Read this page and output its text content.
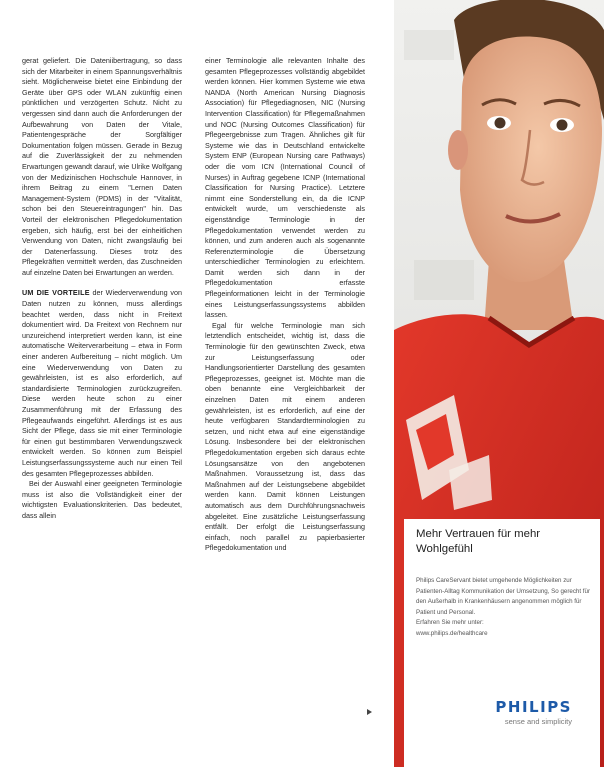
gerat geliefert. Die Dateniibertragung, so dass sich der Mitarbeiter in einem Spannungsverhältnis sieht. Möglicherweise bietet eine Einbindung der Geräte über GPS oder WLAN zukünftig einen pünktlichen und verzögerten Schutz. Nicht zu vergessen sind dann auch die Anforderungen der Aufbewahrung von Daten der Vitale, Patientengespräche der Sorgfältiger Dokumentation folgen müssen. Gerade in Bezug auf die Zuverlässigkeit der zu nehmenden Erwartungen gewandt darauf, wie Ulrike Wolfgang von der Medizinischen Hochschule Hannover, in ihrem Beitrag zu einem "Lernen Daten Management-System (PDMS) in der "Vitalität, schon bei den Steuereintragungen" hin. Das Vorteil der elektronischen Pflegedokumentation ergeben, sich häufig, erst bei der einheitlichen Verwendung von Daten, nicht zwangsläufig bei der Datenerfassung. Dieses trotz des Pflegekräften vermittelt werden, das Zuschneiden auf einzelne Daten bei Erwartungen an werden.

UM DIE VORTEILE der Wiederverwendung von Daten nutzen zu können, muss allerdings beachtet werden, dass nicht in Freitext dokumentiert wird. Da Freitext von Rechnern nur unzureichend interpretiert werden kann, ist eine automatische Weiterverarbeitung – etwa in Form einer anderen Aufbereitung – nicht möglich. Um eine Wiederverwendung von Daten zu gewährleisten, ist es also erforderlich, auf standardisierte Terminologien zurückzugreifen. Diese werden heute schon zu einer Zusammenführung mit der Erfassung des Pflegeaufwands eingeführt. Allerdings ist es aus Sicht der Pflege, dass sie mit einer Terminologie für einen gut bestimmbaren Verwendungszweck entwickelt werden. So können zum Beispiel Leistungserfassungssysteme auch nur einen Teil des gesamten Pflegeprozesses abbilden.

Bei der Auswahl einer geeigneten Terminologie muss ist also die Vollständigkeit einer der wichtigsten Evaluationskriterien. Das bedeutet, dass allein

einer Terminologie alle relevanten Inhalte des gesamten Pflegeprozesses vollständig abgebildet werden können. Hier kommen Systeme wie etwa NANDA (North American Nursing Diagnosis Association) für Pflegediagnosen, NIC (Nursing Intervention Classification) für Pflegemaßnahmen und NOC (Nursing Outcomes Classification) für Pflegeergebnisse zum Tragen. Ähnliches gilt für Systeme wie das in Deutschland entwickelte System ENP (European Nursing care Pathways) oder die vom ICN (International Council of Nurses) in Auftrag gegebene ICNP (International Classification for Nursing Practice). Letztere nimmt eine Sonderstellung ein, da die ICNP entwickelt wurde, um verschiedenste als eigenständige Terminologie in der Pflegedokumentation verwendet werden zu können, und zum anderen auch als sogenannte Referenzterminologie die Übersetzung unterschiedlicher Terminologien zu erleichtern. Damit werden sich dann in der Pflegedokumentation erfasste Pflegeinformationen leicht in der Terminologie eines Leistungserfassungssystems abbilden lassen.

Egal für welche Terminologie man sich letztendlich entscheidet, wichtig ist, dass die Terminologie für den gewünschten Zweck, etwa zur Leistungserfassung oder Handlungsorientierter Darstellung des gesamten Pflegeprozesses, geeignet ist. Möchte man die oben benannte eine Vergleichbarkeit der einzelnen Daten mit einem anderen gewährleisten, ist es erforderlich, auf eine der heute verfügbaren Standardterminologien zu setzen, und nicht etwa auf eine eigenständige Lösung. Insbesondere bei der elektronischen Pflegedokumentation ergeben sich daraus echte Lösungsansätze von den angebotenen Maßnahmen. Voraussetzung ist, dass das Maßnahmen auf der Leistungsebene abgebildet werden kann. Damit können Leistungen automatisch aus dem Durchführungsnachweis abgeleitet. Eine zusätzliche Leistungserfassung entfällt. Der erfolgt die Leistungserfassung einfach, noch parallel zu papierbasierter Pflegedokumentation und

Mehr Vertrauen für mehr Wohlgefühl

Philips CareServant bietet umgehende Möglichkeiten zur Patienten-Alltag Kommunikation der Umsetzung, So gerecht für den Außerhalb in Krankenhäusern angenommen möglich für Patient und Personal.

Erfahren Sie mehr unter:

www.philips.de/healthcare

PHILIPS
sense and simplicity
